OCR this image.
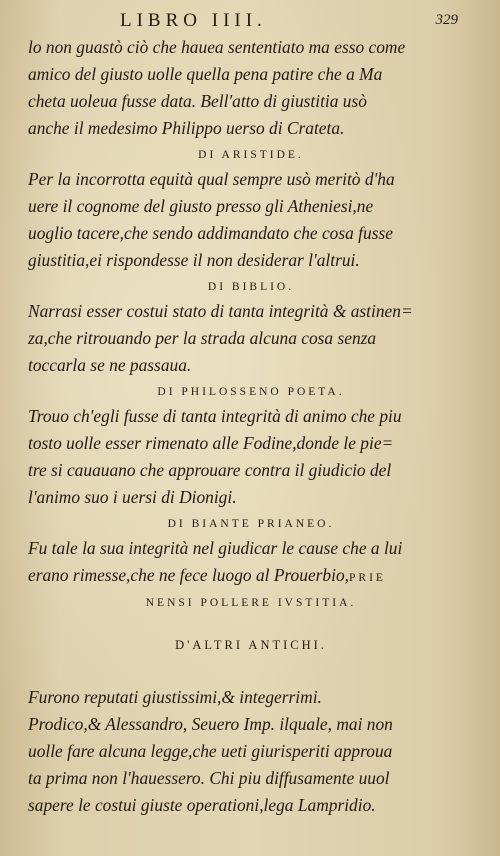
LIBRO IIII.	329
lo non guastò ciò che haueа sententiato ma esso come
amico del giusto uolle quella pena patire che a Ma
cheta uoleua fusse data. Bell'atto di giustitia usò
anche il medesimo Philippo uerso di Crateta.
DI ARISTIDE.
Per la incorrotta equità qual sempre usò meritò d'ha
uere il cognome del giusto presso gli Atheniesi,ne
uoglio tacere,che sendo addimandato che cosa fusse
giustitia,ei rispondesse il non desiderar l'altrui.
DI BIBLIO.
Narrasi esser costui stato di tanta integrità & astinen=
za,che ritrouando per la strada alcuna cosa senza
toccarla se ne passaua.
DI PHILOSSENO POETA.
Trouo ch'egli fusse di tanta integrità di animo che piu
tosto uolle esser rimenato alle Fodine,donde le pie=
tre si cauauano che approuare contra il giudicio del
l'animo suo i uersi di Dionigi.
DI BIANTE PRIANEO.
Fu tale la sua integrità nel giudicar le cause che a lui
erano rimesse,che ne fece luogo al Prouerbio,PRIE
NENSI POLLERE IVSTITIA.
D'ALTRI ANTICHI.
Furono reputati giustissimi,& integerrimi.
Prodico,& Alessandro, Seuero Imp. ilquale, mai non
uolle fare alcuna legge,che ueti giurisperiti approua
ta prima non l'hauessero. Chi piu diffusamente uuol
sapere le costui giuste operationi,lega Lampridio.
